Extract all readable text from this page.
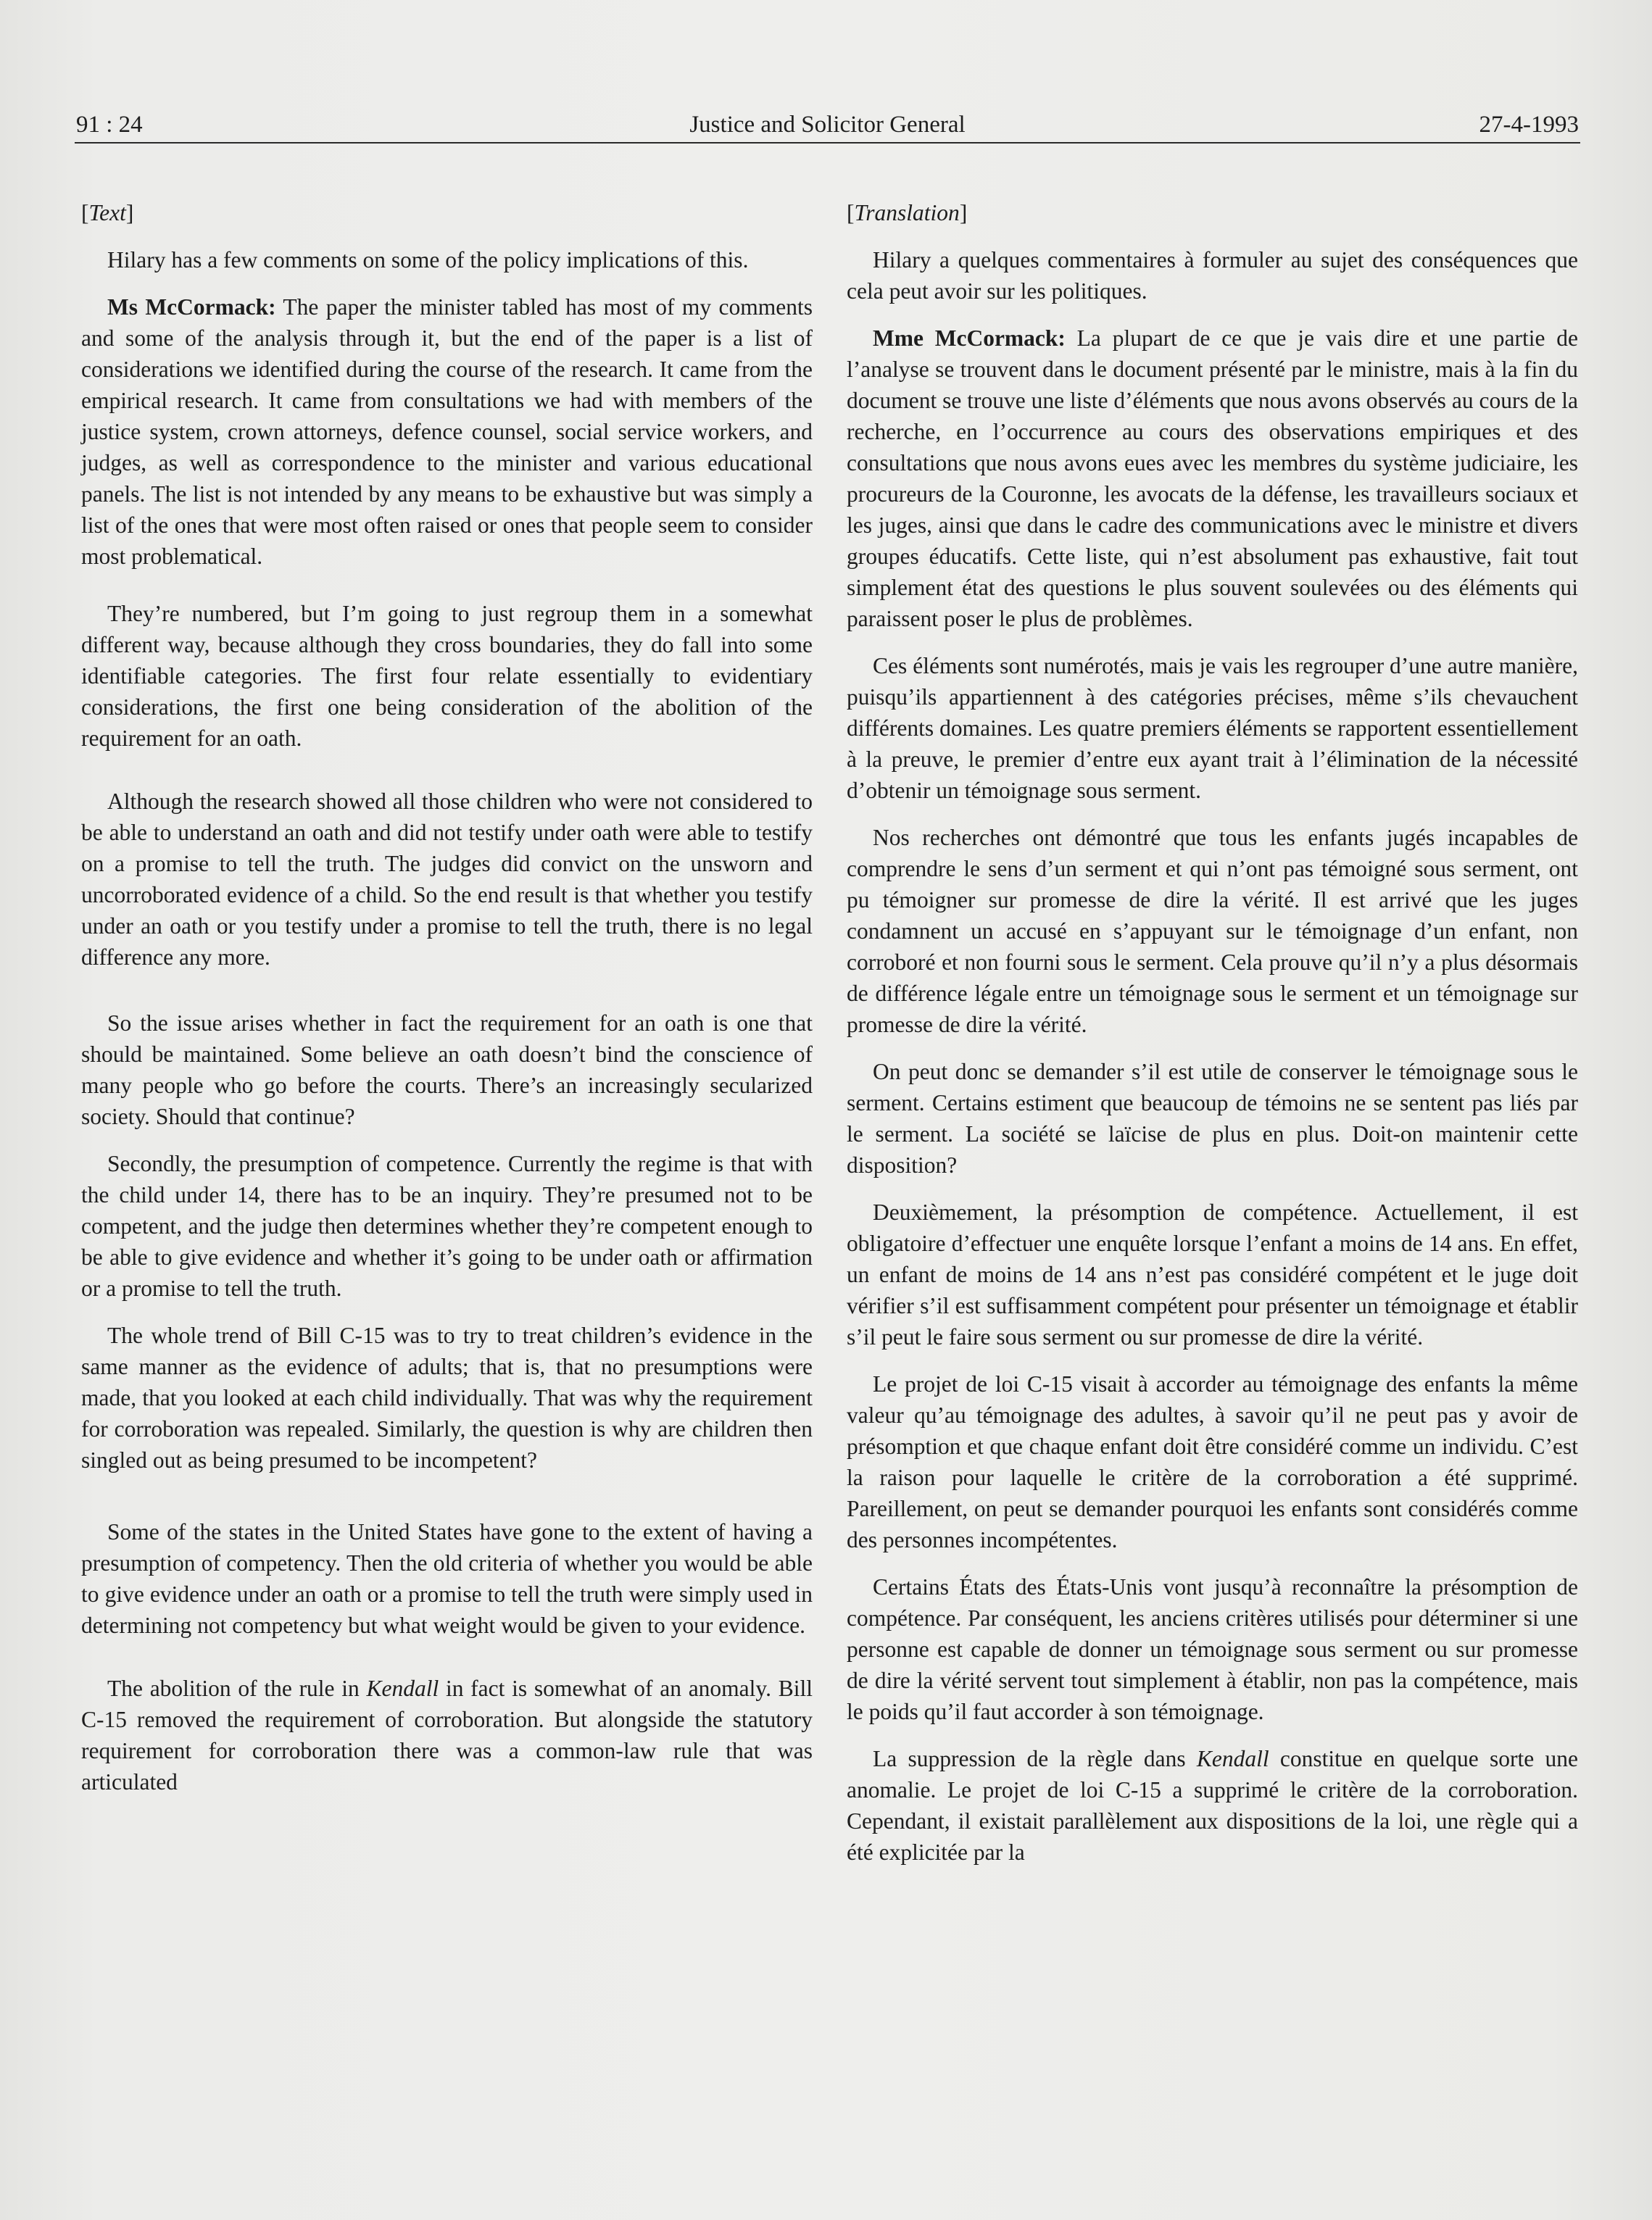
91 : 24	Justice and Solicitor General	27-4-1993
[Text]

Hilary has a few comments on some of the policy implications of this.

Ms McCormack: The paper the minister tabled has most of my comments and some of the analysis through it, but the end of the paper is a list of considerations we identified during the course of the research. It came from the empirical research. It came from consultations we had with members of the justice system, crown attorneys, defence counsel, social service workers, and judges, as well as correspondence to the minister and various educational panels. The list is not intended by any means to be exhaustive but was simply a list of the ones that were most often raised or ones that people seem to consider most problematical.

They’re numbered, but I’m going to just regroup them in a somewhat different way, because although they cross boundaries, they do fall into some identifiable categories. The first four relate essentially to evidentiary considerations, the first one being consideration of the abolition of the requirement for an oath.

Although the research showed all those children who were not considered to be able to understand an oath and did not testify under oath were able to testify on a promise to tell the truth. The judges did convict on the unsworn and uncorroborated evidence of a child. So the end result is that whether you testify under an oath or you testify under a promise to tell the truth, there is no legal difference any more.

So the issue arises whether in fact the requirement for an oath is one that should be maintained. Some believe an oath doesn’t bind the conscience of many people who go before the courts. There’s an increasingly secularized society. Should that continue?

Secondly, the presumption of competence. Currently the regime is that with the child under 14, there has to be an inquiry. They’re presumed not to be competent, and the judge then determines whether they’re competent enough to be able to give evidence and whether it’s going to be under oath or affirmation or a promise to tell the truth.

The whole trend of Bill C-15 was to try to treat children’s evidence in the same manner as the evidence of adults; that is, that no presumptions were made, that you looked at each child individually. That was why the requirement for corroboration was repealed. Similarly, the question is why are children then singled out as being presumed to be incompetent?

Some of the states in the United States have gone to the extent of having a presumption of competency. Then the old criteria of whether you would be able to give evidence under an oath or a promise to tell the truth were simply used in determining not competency but what weight would be given to your evidence.

The abolition of the rule in Kendall in fact is somewhat of an anomaly. Bill C-15 removed the requirement of corroboration. But alongside the statutory requirement for corroboration there was a common-law rule that was articulated

[Translation]

Hilary a quelques commentaires à formuler au sujet des conséquences que cela peut avoir sur les politiques.

Mme McCormack: La plupart de ce que je vais dire et une partie de l’analyse se trouvent dans le document présenté par le ministre, mais à la fin du document se trouve une liste d’éléments que nous avons observés au cours de la recherche, en l’occurrence au cours des observations empiriques et des consultations que nous avons eues avec les membres du système judiciaire, les procureurs de la Couronne, les avocats de la défense, les travailleurs sociaux et les juges, ainsi que dans le cadre des communications avec le ministre et divers groupes éducatifs. Cette liste, qui n’est absolument pas exhaustive, fait tout simplement état des questions le plus souvent soulevées ou des éléments qui paraissent poser le plus de problèmes.

Ces éléments sont numérotés, mais je vais les regrouper d’une autre manière, puisqu’ils appartiennent à des catégories précises, même s’ils chevauchent différents domaines. Les quatre premiers éléments se rapportent essentiellement à la preuve, le premier d’entre eux ayant trait à l’élimination de la nécessité d’obtenir un témoignage sous serment.

Nos recherches ont démontré que tous les enfants jugés incapables de comprendre le sens d’un serment et qui n’ont pas témoigné sous serment, ont pu témoigner sur promesse de dire la vérité. Il est arrivé que les juges condamnent un accusé en s’appuyant sur le témoignage d’un enfant, non corroboré et non fourni sous le serment. Cela prouve qu’il n’y a plus désormais de différence légale entre un témoignage sous le serment et un témoignage sur promesse de dire la vérité.

On peut donc se demander s’il est utile de conserver le témoignage sous le serment. Certains estiment que beaucoup de témoins ne se sentent pas liés par le serment. La société se laïcise de plus en plus. Doit-on maintenir cette disposition?

Deuxièmement, la présomption de compétence. Actuellement, il est obligatoire d’effectuer une enquête lorsque l’enfant a moins de 14 ans. En effet, un enfant de moins de 14 ans n’est pas considéré compétent et le juge doit vérifier s’il est suffisamment compétent pour présenter un témoignage et établir s’il peut le faire sous serment ou sur promesse de dire la vérité.

Le projet de loi C-15 visait à accorder au témoignage des enfants la même valeur qu’au témoignage des adultes, à savoir qu’il ne peut pas y avoir de présomption et que chaque enfant doit être considéré comme un individu. C’est la raison pour laquelle le critère de la corroboration a été supprimé. Pareillement, on peut se demander pourquoi les enfants sont considérés comme des personnes incompétentes.

Certains États des États-Unis vont jusqu’à reconnaître la présomption de compétence. Par conséquent, les anciens critères utilisés pour déterminer si une personne est capable de donner un témoignage sous serment ou sur promesse de dire la vérité servent tout simplement à établir, non pas la compétence, mais le poids qu’il faut accorder à son témoignage.

La suppression de la règle dans Kendall constitue en quelque sorte une anomalie. Le projet de loi C-15 a supprimé le critère de la corroboration. Cependant, il existait parallèlement aux dispositions de la loi, une règle qui a été explicitée par la
